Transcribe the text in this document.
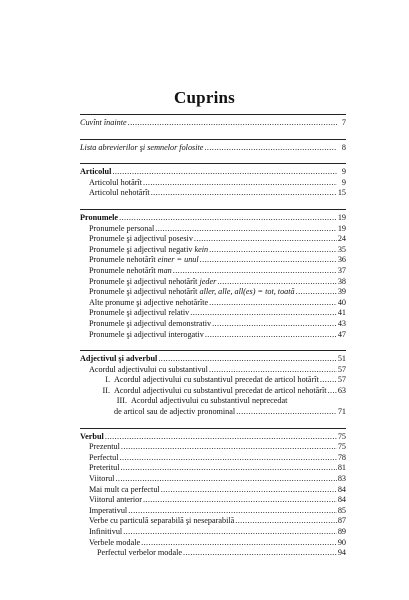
Cuprins
Cuvînt înainte .....	7
Lista abrevierilor şi semnelor folosite .....	8
Articolul .....	9
Articolul hotărît .....	9
Articolul nehotărît .....	15
Pronumele .....	19
Pronumele personal .....	19
Pronumele şi adjectivul posesiv .....	24
Pronumele şi adjectivul negativ kein .....	35
Pronumele nehotărît einer = unul .....	36
Pronumele nehotărît man .....	37
Pronumele şi adjectivul nehotărît jeder .....	38
Pronumele şi adjectivul nehotărît aller, alle, all(es) = tot, toată .....	39
Alte pronume şi adjective nehotărîte .....	40
Pronumele şi adjectivul relativ .....	41
Pronumele şi adjectivul demonstrativ .....	43
Pronumele şi adjectivul interogativ .....	47
Adjectivul şi adverbul .....	51
Acordul adjectivului cu substantivul .....	57
I. Acordul adjectivului cu substantivul precedat de articol hotărît ..... 57
II. Acordul adjectivului cu substantivul precedat de articol nehotărît ..... 63
III. Acordul adjectivului cu substantivul neprecedat
de articol sau de adjectiv pronominal .....	71
Verbul .....	75
Prezentul .....	75
Perfectul .....	78
Preteritul .....	81
Viitorul .....	83
Mai mult ca perfectul .....	84
Viitorul anterior .....	84
Imperativul .....	85
Verbe cu particulă separabilă şi neseparabilă .....	87
Infinitivul .....	89
Verbele modale .....	90
Perfectul verbelor modale .....	94
